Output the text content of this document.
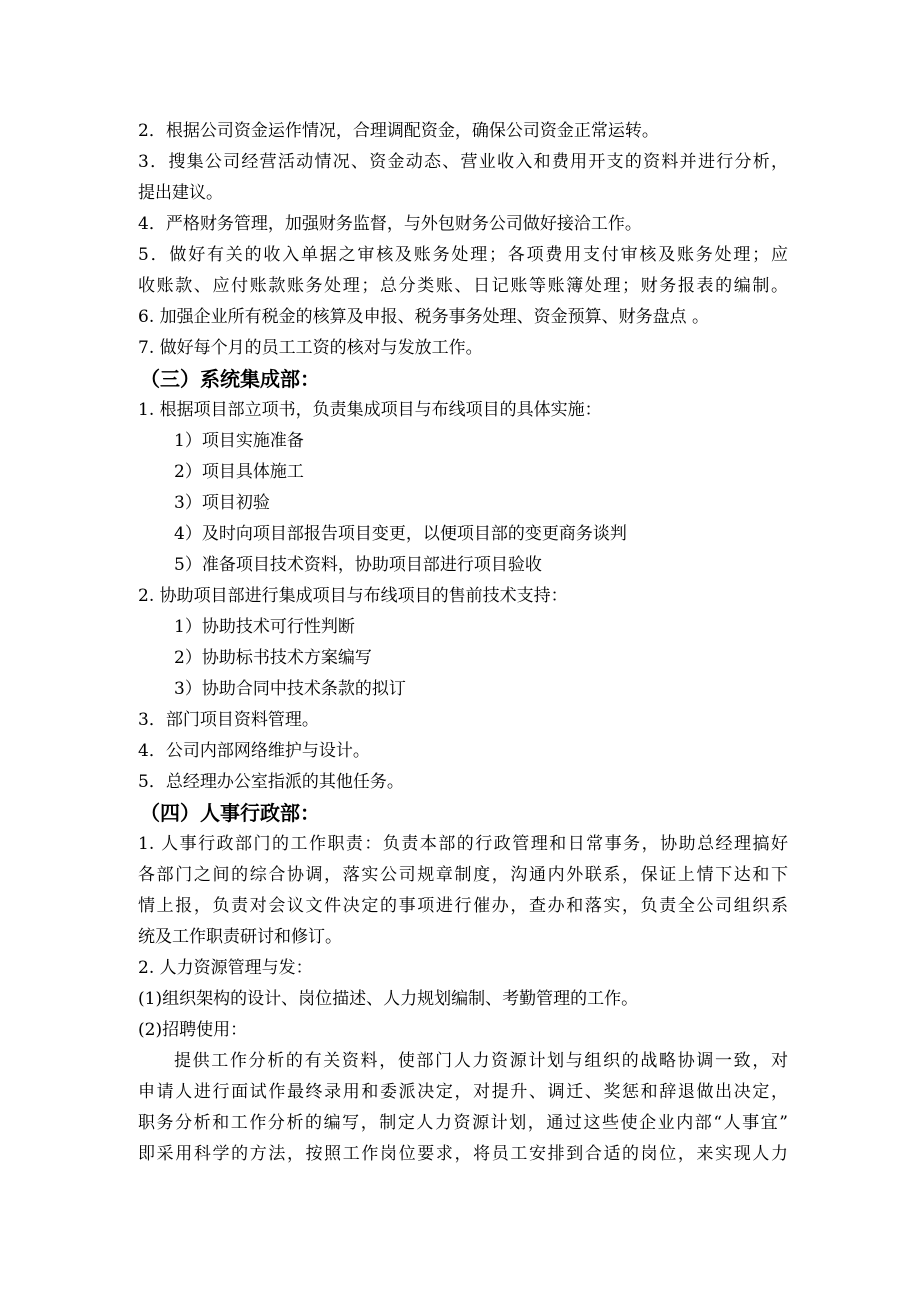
2．根据公司资金运作情况，合理调配资金，确保公司资金正常运转。
3．搜集公司经营活动情况、资金动态、营业收入和费用开支的资料并进行分析，
提出建议。
4．严格财务管理，加强财务监督，与外包财务公司做好接洽工作。
5．做好有关的收入单据之审核及账务处理；各项费用支付审核及账务处理；应
收账款、应付账款账务处理；总分类账、日记账等账簿处理；财务报表的编制。
6. 加强企业所有税金的核算及申报、税务事务处理、资金预算、财务盘点 。
7. 做好每个月的员工工资的核对与发放工作。
（三）系统集成部：
1. 根据项目部立项书，负责集成项目与布线项目的具体实施：
1）项目实施准备
2）项目具体施工
3）项目初验
4）及时向项目部报告项目变更，以便项目部的变更商务谈判
5）准备项目技术资料，协助项目部进行项目验收
2. 协助项目部进行集成项目与布线项目的售前技术支持：
1）协助技术可行性判断
2）协助标书技术方案编写
3）协助合同中技术条款的拟订
3．部门项目资料管理。
4．公司内部网络维护与设计。
5．总经理办公室指派的其他任务。
（四）人事行政部：
1. 人事行政部门的工作职责：负责本部的行政管理和日常事务，协助总经理搞好
各部门之间的综合协调，落实公司规章制度，沟通内外联系，保证上情下达和下
情上报，负责对会议文件决定的事项进行催办，查办和落实，负责全公司组织系
统及工作职责研讨和修订。
2. 人力资源管理与发：
(1)组织架构的设计、岗位描述、人力规划编制、考勤管理的工作。
(2)招聘使用：
提供工作分析的有关资料，使部门人力资源计划与组织的战略协调一致，对
申请人进行面试作最终录用和委派决定，对提升、调迁、奖惩和辞退做出决定，
职务分析和工作分析的编写，制定人力资源计划，通过这些使企业内部“人事宜”
即采用科学的方法，按照工作岗位要求，将员工安排到合适的岗位，来实现人力
